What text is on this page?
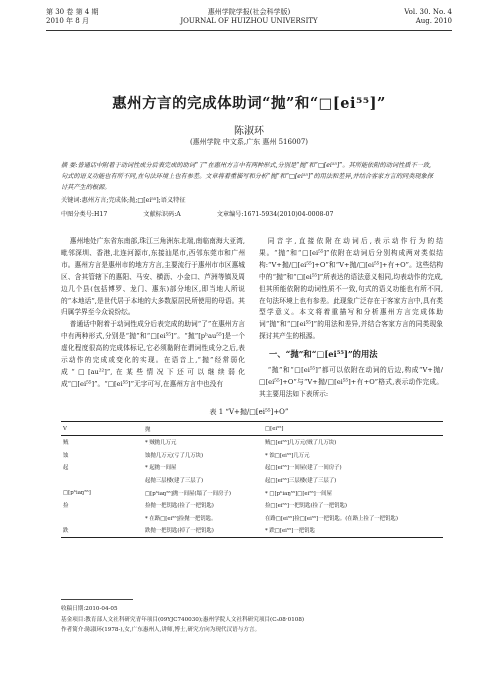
第 30 卷 第 4 期
2010 年 8 月
惠州学院学报(社会科学版)
JOURNAL OF HUIZHOU UNIVERSITY
Vol. 30. No. 4
Aug. 2010
惠州方言的完成体助词“抛”和“□[ei⁵⁵]”
陈淑环
(惠州学院 中文系,广东 惠州 516007)
摘 要:普通话中附着于动词性成分后表完成的助词“了”在惠州方言中有两种形式,分别是“抛”和“□[ei⁵⁵]”。其所能依附的动词性质不一致,句式的语义功能也有所不同,在句法环境上也有参差。文章将着重描写和分析“抛”和“□[ei⁵⁵]”的用法和差异,并结合客家方言的同类现象探讨其产生的根源。
关键词:惠州方言;完成体;抛;□[ei⁵⁵];语义特征
中图分类号:H17	文献标识码:A	文章编号:1671-5934(2010)04-0008-07

惠州地处广东省东南部,珠江三角洲东北端,南临南海大亚湾,毗邻深圳、香港,北连河源市,东接汕尾市,西邻东莞市和广州市。惠州方言是惠州市的地方方言,主要流行于惠州市市区惠城区、含其管辖下的惠阳、马安、横沥、小金口、芦洲等镇及周边几个县(包括博罗、龙门、惠东)部分地区,即当地人所说的“本地话”,是世代居于本地的大多数原居民所使用的母语。其归属学界至今众说纷纭。

普通话中附着于动词性成分后表完成的助词“了”在惠州方言中有两种形式,分别是“抛”和“□[ei⁵⁵]”。“抛”[pʰau⁵⁵]是一个虚化程度很高的完成体标记,它必须黏附在谓词性成分之后,表示动作的完成或变化的实现。在语音上,“抛”经常弱化成“□[au²²]”,在某些情况下还可以继续弱化成“□[ei⁵⁵]”。“□[ei⁵⁵]”无字可写,在惠州方言中也没有

同音字,直接依附在动词后,表示动作行为的结果。“抛”和“□[ei⁵⁵]”依附在动词后分别构成两对类似结构:“V+抛/□[ei⁵⁵]+O”和“V+抛/□[ei⁵⁵]+有+O”。这些结构中的“抛”和“□[ei⁵⁵]”所表达的语法意义相同,均表动作的完成,但其所能依附的动词性质不一致,句式的语义功能也有所不同,在句法环境上也有参差。此现象广泛存在于客家方言中,具有类型学意义。本文将着重描写和分析惠州方言完成体助词“抛”和“□[ei⁵⁵]”的用法和差异,并结合客家方言的同类现象探讨其产生的根源。

一、“抛”和“□[ei⁵⁵]”的用法

“抛”和“□[ei⁵⁵]”都可以依附在动词的后边,构成“V+抛/□[ei⁵⁵]+O”与“V+抛/□[ei⁵⁵]+有+O”格式,表示动作完成。其主要用法如下表所示:

表 1 “V+抛/□[ei⁵⁵]+O”
V	抛	□[ei⁵⁵]
贼	* 贼抛几万元	贼□[ei⁵⁵]几万元(贼了几万块)
蚀	蚀抛几万元(亏了几万块)	* 蚀□[ei⁵⁵]几万元
起	* 起抛一间屋	起□[ei⁵⁵]一间屋(建了一间房子)
	起抛三层楼(建了三层了)	起□[ei⁵⁵]三层楼(建了三层了)
□[pʰiaŋ⁵⁵]	□[pʰiaŋ⁵⁵]抛一间屋(塌了一间房子)	* □[pʰiaŋ⁵⁵]□[ei⁵⁵]一间屋
捡	捡抛一把钥匙(捡了一把钥匙)	捡□[ei⁵⁵]一把钥匙(捡了一把钥匙)
	* 在路□[ei⁵⁵]捡抛一把钥匙。	在路□[ei⁵⁵]捡□[ei⁵⁵]一把钥匙。(在路上捡了一把钥匙)
跌	跌抛一把钥匙(掉了一把钥匙)	* 跌□[ei⁵⁵]一把钥匙
收稿日期:2010-04-05
基金项目:教育部人文社科研究青年项目(09YJC740030);惠州学院人文社科研究项目(C₃08·0108)
作者简介:陈淑环(1978-),女,广东惠州人,讲师,博士,研究方向为现代汉语与方言。
